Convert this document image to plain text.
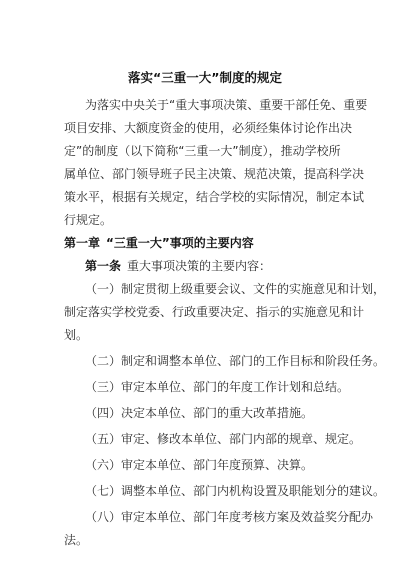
落实“三重一大”制度的规定
为落实中央关于“重大事项决策、重要干部任免、重要
项目安排、大额度资金的使用，必须经集体讨论作出决
定”的制度（以下简称“三重一大”制度），推动学校所
属单位、部门领导班子民主决策、规范决策，提高科学决
策水平，根据有关规定，结合学校的实际情况，制定本试
行规定。
第一章 “三重一大”事项的主要内容
第一条 重大事项决策的主要内容：
（一）制定贯彻上级重要会议、文件的实施意见和计划，
制定落实学校党委、行政重要决定、指示的实施意见和计
划。
（二）制定和调整本单位、部门的工作目标和阶段任务。
（三）审定本单位、部门的年度工作计划和总结。
（四）决定本单位、部门的重大改革措施。
（五）审定、修改本单位、部门内部的规章、规定。
（六）审定本单位、部门年度预算、决算。
（七）调整本单位、部门内机构设置及职能划分的建议。
（八）审定本单位、部门年度考核方案及效益奖分配办
法。
